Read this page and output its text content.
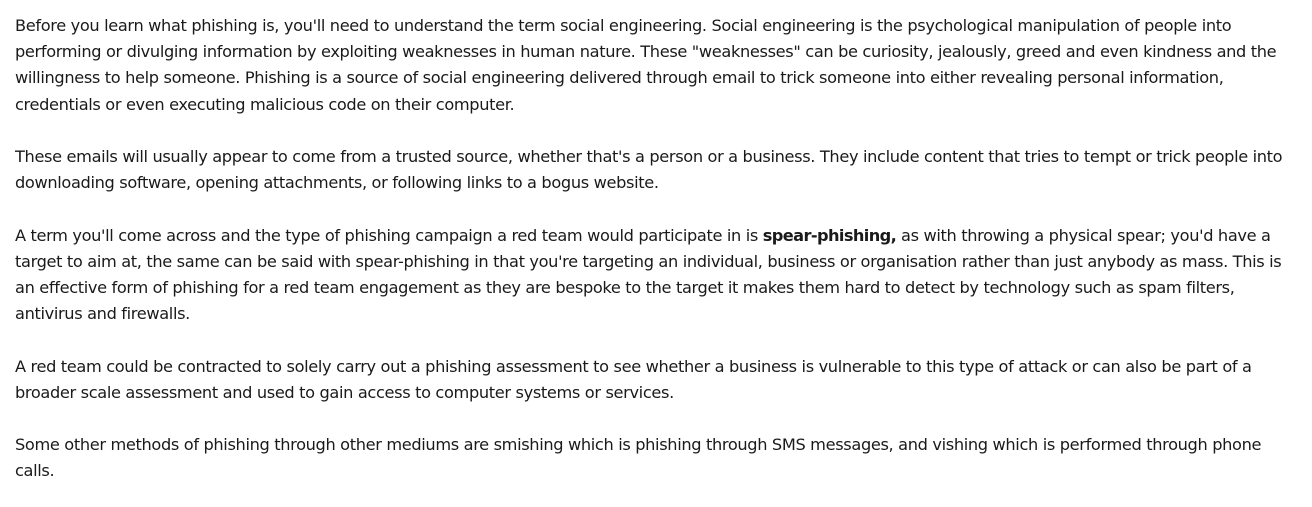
Before you learn what phishing is, you'll need to understand the term social engineering. Social engineering is the psychological manipulation of people into performing or divulging information by exploiting weaknesses in human nature. These "weaknesses" can be curiosity, jealously, greed and even kindness and the willingness to help someone. Phishing is a source of social engineering delivered through email to trick someone into either revealing personal information, credentials or even executing malicious code on their computer.

These emails will usually appear to come from a trusted source, whether that's a person or a business. They include content that tries to tempt or trick people into downloading software, opening attachments, or following links to a bogus website.

A term you'll come across and the type of phishing campaign a red team would participate in is spear-phishing, as with throwing a physical spear; you'd have a target to aim at, the same can be said with spear-phishing in that you're targeting an individual, business or organisation rather than just anybody as mass. This is an effective form of phishing for a red team engagement as they are bespoke to the target it makes them hard to detect by technology such as spam filters, antivirus and firewalls.

A red team could be contracted to solely carry out a phishing assessment to see whether a business is vulnerable to this type of attack or can also be part of a broader scale assessment and used to gain access to computer systems or services.

Some other methods of phishing through other mediums are smishing which is phishing through SMS messages, and vishing which is performed through phone calls.
